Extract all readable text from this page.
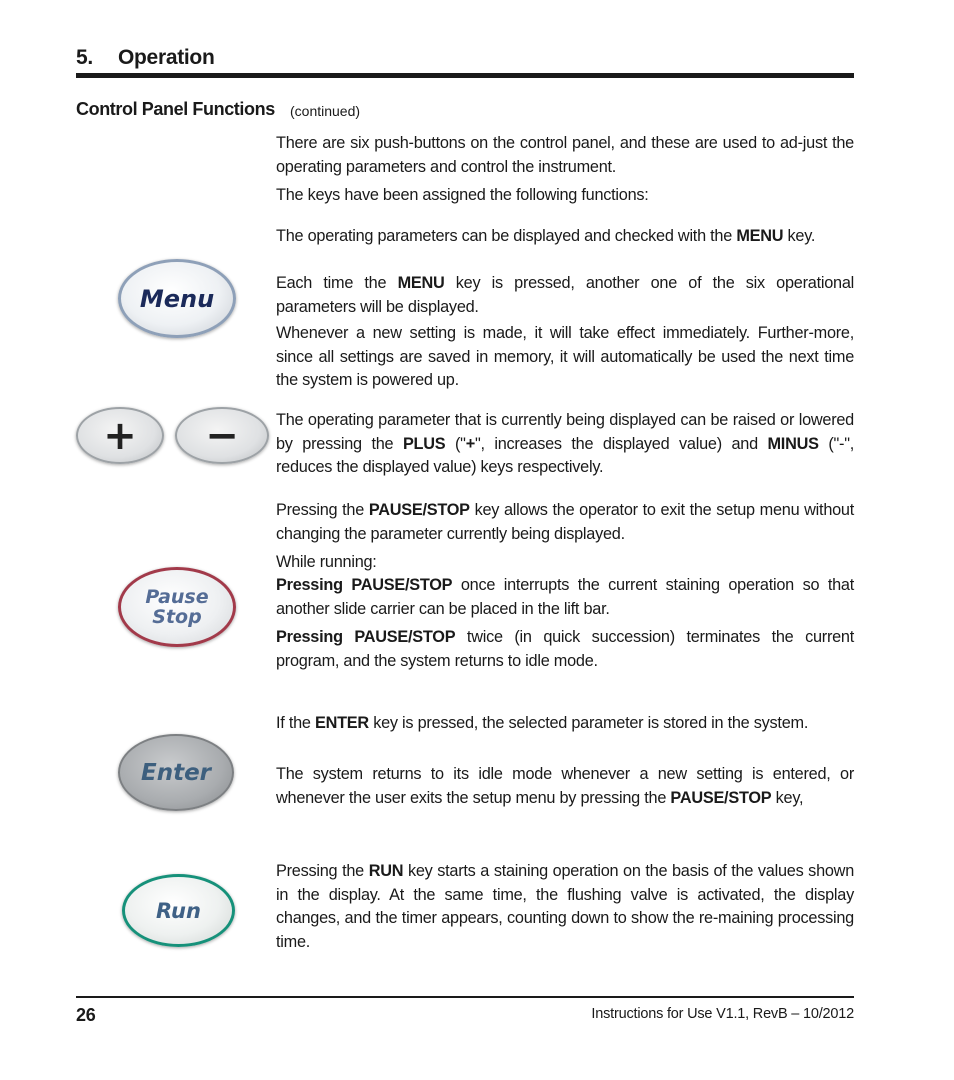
5. Operation
Control Panel Functions (continued)
There are six push-buttons on the control panel, and these are used to ad-just the operating parameters and control the instrument.
The keys have been assigned the following functions:
The operating parameters can be displayed and checked with the MENU key.
Each time the MENU key is pressed, another one of the six operational parameters will be displayed.
Whenever a new setting is made, it will take effect immediately. Further-more, since all settings are saved in memory, it will automatically be used the next time the system is powered up.
Menu
The operating parameter that is currently being displayed can be raised or lowered by pressing the PLUS ("+", increases the displayed value) and MINUS ("-", reduces the displayed value) keys respectively.
+ −
Pressing the PAUSE/STOP key allows the operator to exit the setup menu without changing the parameter currently being displayed.
While running:
Pressing PAUSE/STOP once interrupts the current staining operation so that another slide carrier can be placed in the lift bar.
Pressing PAUSE/STOP twice (in quick succession) terminates the current program, and the system returns to idle mode.
Pause
Stop
If the ENTER key is pressed, the selected parameter is stored in the system.
The system returns to its idle mode whenever a new setting is entered, or whenever the user exits the setup menu by pressing the PAUSE/STOP key,
Enter
Pressing the RUN key starts a staining operation on the basis of the values shown in the display. At the same time, the flushing valve is activated, the display changes, and the timer appears, counting down to show the re-maining processing time.
Run
26	Instructions for Use V1.1, RevB – 10/2012
